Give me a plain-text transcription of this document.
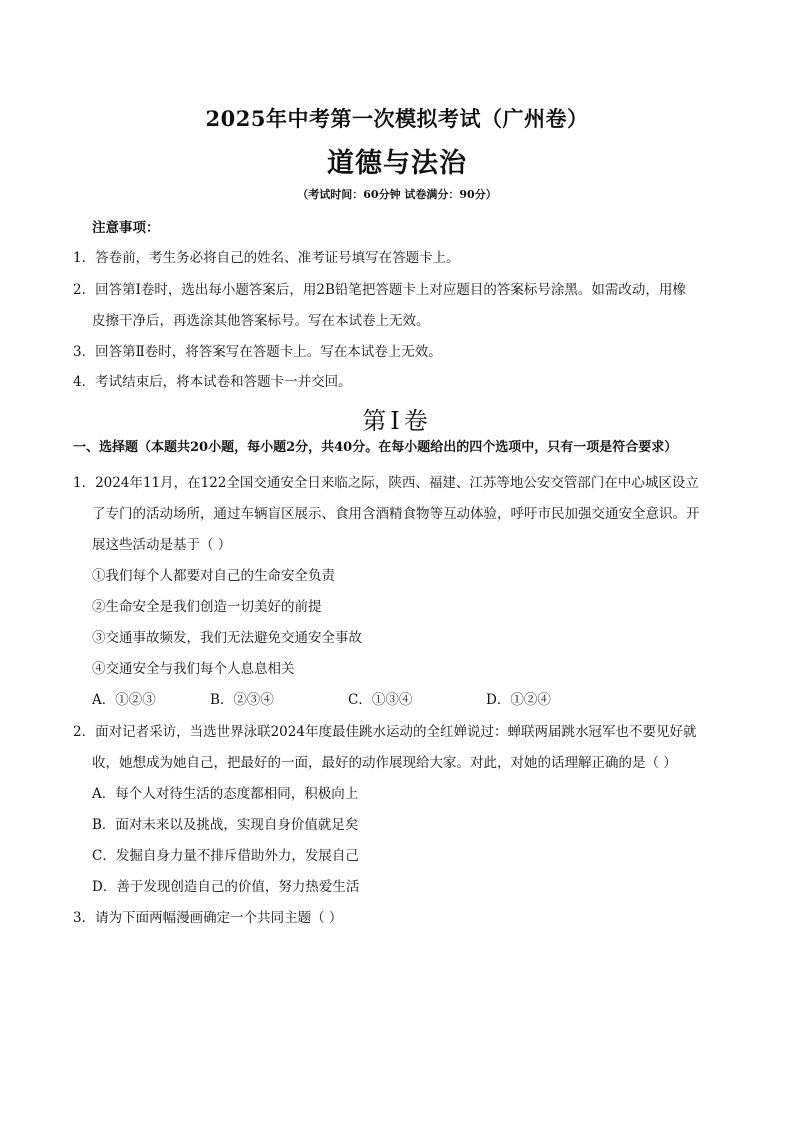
2025年中考第一次模拟考试（广州卷）
道德与法治
（考试时间：60分钟 试卷满分：90分）
注意事项：
1．答卷前，考生务必将自己的姓名、准考证号填写在答题卡上。
2．回答第Ⅰ卷时，选出每小题答案后，用2B铅笔把答题卡上对应题目的答案标号涂黑。如需改动，用橡
皮擦干净后，再选涂其他答案标号。写在本试卷上无效。
3．回答第Ⅱ卷时，将答案写在答题卡上。写在本试卷上无效。
4．考试结束后，将本试卷和答题卡一并交回。
第Ⅰ卷
一、选择题（本题共20小题，每小题2分，共40分。在每小题给出的四个选项中，只有一项是符合要求）
1．2024年11月，在122全国交通安全日来临之际，陕西、福建、江苏等地公安交管部门在中心城区设立
了专门的活动场所，通过车辆盲区展示、食用含酒精食物等互动体验，呼吁市民加强交通安全意识。开
展这些活动是基于（ ）
①我们每个人都要对自己的生命安全负责
②生命安全是我们创造一切美好的前提
③交通事故频发，我们无法避免交通安全事故
④交通安全与我们每个人息息相关
A．①②③	B．②③④	C．①③④	D．①②④
2．面对记者采访，当选世界泳联2024年度最佳跳水运动的全红婵说过：蝉联两届跳水冠军也不要见好就
收，她想成为她自己，把最好的一面，最好的动作展现给大家。对此，对她的话理解正确的是（ ）
A．每个人对待生活的态度都相同，积极向上
B．面对未来以及挑战，实现自身价值就足矣
C．发掘自身力量不排斥借助外力，发展自己
D．善于发现创造自己的价值，努力热爱生活
3．请为下面两幅漫画确定一个共同主题（ ）
